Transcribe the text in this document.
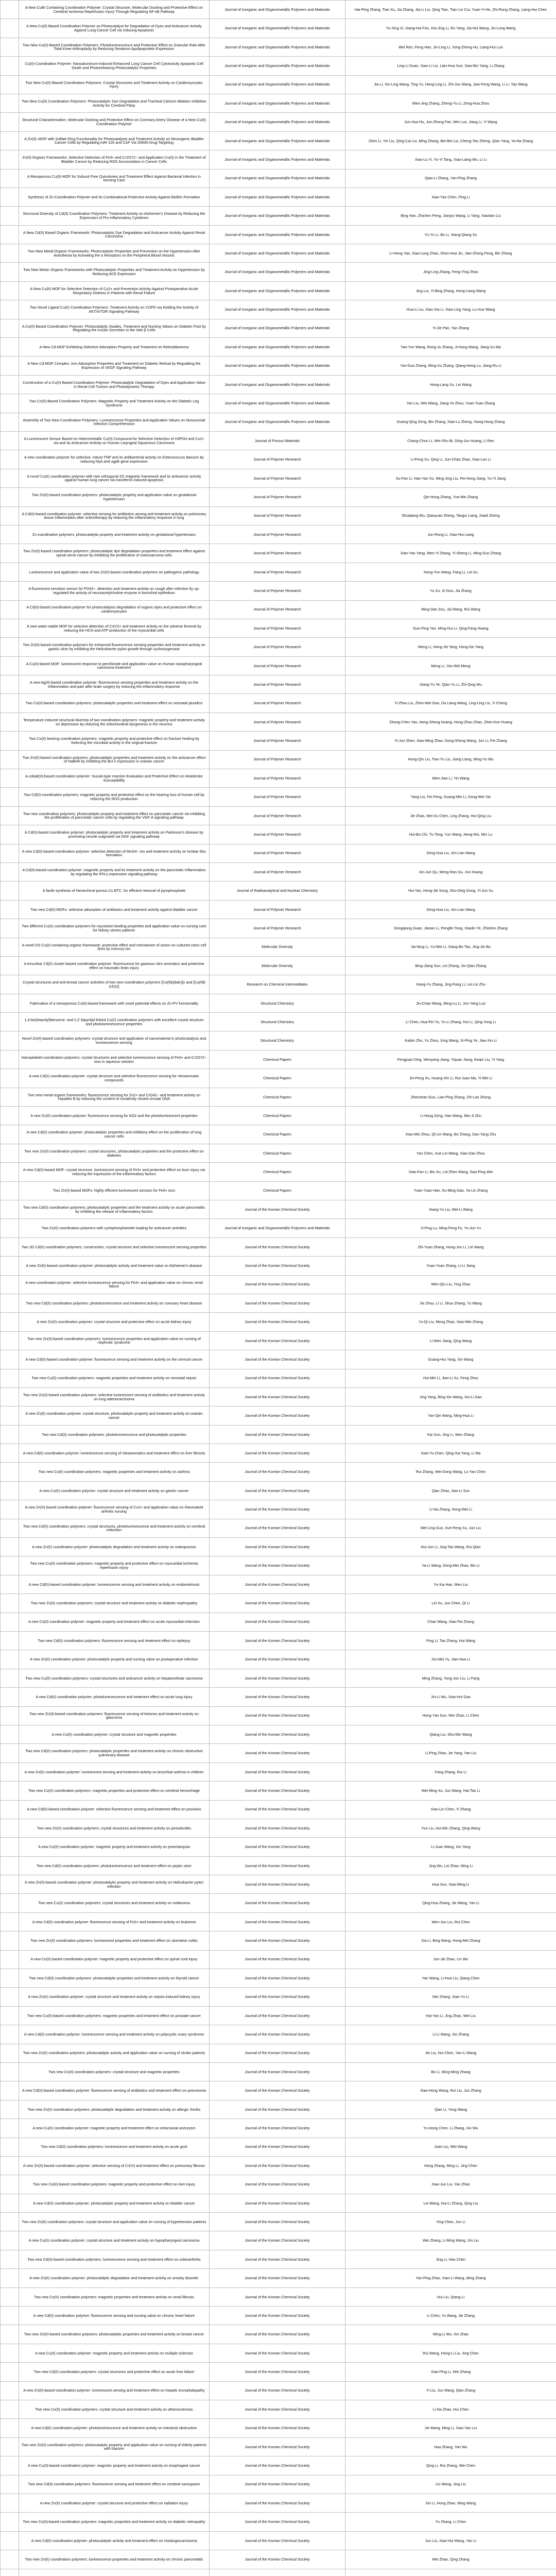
	A New CuBr Containing Coordination Polymer: Crystal Structure, Molecular Docking and Protective Effect on Cerebral Ischemia Reperfusion Injury Through Regulating NF-κB Pathway	Journal of Inorganic and Organometallic Polymers and Materials	Hai-Ping Zhang, Tian Xu, Jia Zhang, Jia-Li Liu, Qing Tian, Tian-Lin Cui, Yuan-Yi He, Zhi-Rong Zhang, Liang-Hui Chen
	A New Cu(II) Based Coordination Polymer as Photocatalyst for Degradation of Dyes and Anticancer Activity Against Lung Cancer Cell via Inducing Apoptosis	Journal of Inorganic and Organometallic Polymers and Materials	Yu-Xing Xi, Xiang-Hui Fan, Hui-Jing Li, Ru Yang, Jia-Hui Wang, Jin-Long Wang
	Two New Cu(II)-Based Coordination Polymers: Photoluminescence and Protective Effect on Granular Rats After Total Knee Arthroplasty by Reducing Seratonin Apolipoprotein Expression	Journal of Inorganic and Organometallic Polymers and Materials	Wei Ren, Feng Han, Jin-Ling Li, Yong-Zheng Hu, Liang-Hui Luo
	Cu(II)-Coordination Polymer: Nanoaluminum-Induced Enhanced Lung Cancer Cell Cytotoxicity Apoptotic Cell Death and Photoreleasing Photocatalytic Properties	Journal of Inorganic and Organometallic Polymers and Materials	Ling-Li Guan, Xiao-Li Liu, Lian-Hua Xue, Xiao-Bin Yang, Li Zhang
	Two New Cu(II)-Based Coordination Polymers: Crystal Structures and Treatment Activity on Cardiomyocytes Injury	Journal of Inorganic and Organometallic Polymers and Materials	Jia Li, Xin-Ling Wang, Ting Yu, Hong-Ling Li, Zhi-Jun Wang, Jian-Feng Wang, Li Li, Tao Wang
	Two New Cu(II) Coordination Polymers: Photocatalytic Dye Degradation and Tracheal Calcium Ablation Inhibition Activity for Cerebral Palsy	Journal of Inorganic and Organometallic Polymers and Materials	Wen-Jing Zhang, Zheng-Yu Li, Zeng-Hua Zhou
	Structural Characterisation, Molecular Docking and Protective Effect on Coronary Artery Disease of a New Cu(II) Coordination Polymer	Journal of Inorganic and Organometallic Polymers and Materials	Jun-Hua Hu, Jun-Zhong Fan, Wei Luo, Jiang Li, Yi Wang
	A Zn(II)–MOF with Sulfate Ring Functionality for Photocatalysis and Treatment Activity on Neurogenic Bladder Cancer Cells by Regulating miR-126 and CAF Via SNMS-Drug Targeting	Journal of Inorganic and Organometallic Polymers and Materials	Zhen Li, Yin Liu, Qing-Cai Liu, Ming Zhang, Bei-Bei Liu, Cheng-Tao Zheng, Qian Yang, Ya-Na Zhang
	Zn(II)-Organic Frameworks: Selective Detection of Fe3+ and Cr2O72− and Application Cu(II) in the Treatment of Bladder Cancer by Reducing ROS Accumulation in Cancer Cells	Journal of Inorganic and Organometallic Polymers and Materials	Xiao-Lu Yi, Yu-Yi Tang, Xiao-Liang Wu, Li Li
	A Mesoporous Cu(II)-MOF for Subunit Free Quinolones and Treatment Effect Against Bacterial Infection in Nursing Care	Journal of Inorganic and Organometallic Polymers and Materials	Qiao-Li Zhang, Yan-Ping Zhang
	Synthesis of Zn-Coordination Polymer and Its Combinational Protective Activity Against Biofilm Formation	Journal of Inorganic and Organometallic Polymers and Materials	Xiao-Yan Chen, Ping Li
	Structural Diversity of Cd(II) Coordination Polymers: Treatment Activity on Alzheimer's Disease by Reducing the Expression of Pro-inflammatory Cytokines	Journal of Inorganic and Organometallic Polymers and Materials	Bing Han, Zhichen Peng, Jianjun Wang, Li Yang, Xiaotian Liu
	A New Cd(II) Based Organic Framework: Photocatalytic Dye Degradation and Anticancer Activity Against Renal Carcinoma	Journal of Inorganic and Organometallic Polymers and Materials	Yu-Yu Li, Bo Li, Xiang-Qiang Xu
	Two New Metal-Organic Frameworks: Photocatalytic Properties and Prevention on the Hypertension After Anesthesia by Activating the α Receptors on the Peripheral Blood Vessels	Journal of Inorganic and Organometallic Polymers and Materials	Li-Hong Yao, Xiao-Long Zhao, Shun-Hua Jin, Jian-Zhong Peng, Bin Zhang
	Two New Metal–Organic Frameworks with Photocatalytic Properties and Treatment Activity on Hypertension by Reducing ACE Expression	Journal of Inorganic and Organometallic Polymers and Materials	Jing-Ling Zhang, Feng-Ying Zhao
	A New Cu(II) MOF for Selective Detection of Cu2+ and Prevention Activity Against Postoperative Acute Respiratory Distress in Patients with Renal Failure	Journal of Inorganic and Organometallic Polymers and Materials	Jing Liu, Yi-Bing Zhang, Hong-Liang Wang
	Two Novel Ligand Cu(II) Coordination Polymers: Treatment Activity on COPD via Holding the Activity of AKT/mTOR Signaling Pathway	Journal of Inorganic and Organometallic Polymers and Materials	Hua-Li Liu, Xiao-Xia Li, Xiao-Ling Yang, Lu-Xue Wang
	A Co(II) Based Coordination Polymer: Photocatalytic Studies, Treatment and Nursing Values on Diabetic Foot by Regulating the Insulin Secretion in the Islet β Cells	Journal of Inorganic and Organometallic Polymers and Materials	Yi-Jie Pan, Yan Zhang
	A New Cd-MOF Exhibiting Selective Adsorption Property and Treatment on Retinoblastoma	Journal of Inorganic and Organometallic Polymers and Materials	Yan-Yun Wang, Rong-Ju Zhang, Ji-Hong Wang, Jiang-Xu Ma
	A New Cd-MOF Complex: Iron Adsorption Properties and Treatment on Diabetic Retinal by Regulating the Expression of VEGF Signaling Pathway	Journal of Inorganic and Organometallic Polymers and Materials	Yan-Guo Zhang, Ming-Xu Zhang, Qiang-Hong Lu, Jiang-Ru Li
	Construction of a Cu(II) Based Coordination Polymer: Photocatalytic Degradation of Dyes and Application Value in Renal Cell Tumors and Photodynamic Therapy	Journal of Inorganic and Organometallic Polymers and Materials	Hong-Lang Xu, Lei Wang
	Two Co(II)-Based Coordination Polymers: Magnetic Property and Treatment Activity on the Diabetic Leg Syndrome	Journal of Inorganic and Organometallic Polymers and Materials	Yan Liu, Wei Wang, Jiang-Ye Zhou, Yuan-Yuan Zhang
	Assembly of Two New Coordination Polymers: Luminescence Properties and Application Values on Nosocomial Infection Comprehension	Journal of Inorganic and Organometallic Polymers and Materials	Guang-Qing Zeng, Bin Zhang, Xiao-Lu Zheng, Xiang-Hong Zhang
	A Luminescent Sensor Based on Heterometallic Cu(II) Compound for Selective Detection of H3PO4 and Cu2+ via and Its Anticancer Activity on Human Laryngeal Squamous Carcinoma	Journal of Porous Materials	Chang-Chun Li, Wei-Shu Bi, Ding-Jun Huang, Li Ren
	A new coordination polymer for selective, robust TNP and its antibacterial activity on Enterococcus faecium by reducing hlyA and ugpB gene expression	Journal of Polymer Research	Li-Feng Xu, Qing Li, Jun-Chao Zhao, Xiao-Lan Li
	A novel Cu(II) coordination polymer with rare orthogonal 2D magnetic framework and its anticancer activity against human lung cancer via transferrin induced apoptosis	Journal of Polymer Research	Su-Fan Li, Hao-Yan Xu, Ming-Jing Liu, Pei-Hong Jiang, Yu-Yi Jiang
	Two Zn(II)-based coordination polymers: photocatalytic property and application value on gestational hypertension	Journal of Polymer Research	Qin-Hong Zhang, Yue-Min Zhang
	A Cd(II)-based coordination polymer: selective sensing for antibiotics among anti-treatment activity on pulmonary tissue inflammation after sclerotherapy by reducing the inflammatory response in lung	Journal of Polymer Research	Shuiqiang Wu, Qiaoyuan Zheng, Tangui Liang, Xiaoli Zheng
	Zn-coordination polymers: photocatalytic property and treatment activity on gestational hypertension	Journal of Polymer Research	Jun-Rong Li, Xiao-Hui Liang
	Two Zn(II)-based coordination polymers: photocatalytic dye degradation properties and treatment effect against spinal nerve cancer by inhibiting the proliferative of osteosarcoma cells	Journal of Polymer Research	Xian-Yan Yang, Wen-Yi Zhang, Yi-Sheng Li, Ming-Guo Zhang
	Luminescence and application value of two Zn(II)-based coordination polymers on pathogenic pathology	Journal of Polymer Research	Hong-Yun Wang, Fang Li, Lei Xu
	A fluorescent sensitive sensor for PO43−, detection and treatment activity on cough after infection by up-regulated the activity of neuroacetylcholine enzyme in bronchial epithelium	Journal of Polymer Research	Yu Xu, Xi Guo, Jia Zhang
	A Cd(II)-based coordination polymer for photocatalysis degradation of organic dyes and protective effect on cardiomyocytes	Journal of Polymer Research	Ming-Dan Zou, Jia Wang, Rui Wang
	A new water-stable MOF for selective detection of Cr(VI)+ and treatment activity on the adverse femoral by reducing the HCN and ATP production of the myocardial cells	Journal of Polymer Research	Guo-Ping Yan, Ming-Gui Li, Qing-Fang Huang
	Two Zn(II)-based coordination polymers for enhanced fluorescence sensing properties and treatment activity on gastric ulcer by inhibiting the Helicobacter pylori growth through cyclooxygenase	Journal of Polymer Research	Meng Li, Hong-Jie Tang, Hong-Ge Yang
	A Cu(II)-based MOF: luminescent response to perchlorate and application value on Human nasopharyngeal carcinoma treatment	Journal of Polymer Research	Meng Li, Yan-Wei Meng
	A new Ag(II)-based coordination polymer: fluorescence sensing properties and treatment activity on the inflammation and pain after brain surgery by reducing the inflammatory response	Journal of Polymer Research	Xiang-Yu Ye, Qian-Yu Li, Zhi-Qing Wu
	Two Co(II)-based coordination polymers: photocatalytic properties and treatment effect on neonatal jaundice	Journal of Polymer Research	Yi-Zhou Liu, Zhen-Wei Gao, Da Liang Wang, Ling-Ling Liu, Yi Cheng
	Temperature induced structural diversity of two coordination polymers: magnetic property and treatment activity on depression by reducing the mitochondrial dysgenesis in the neurons	Journal of Polymer Research	Zhong-Chen Yao, Hong-Sheng Huang, Hong-Zhou Zhao, Zhen-Kun Huang
	Two Cu(II) bearing coordination polymers: magnetic property and protective effect on fracture healing by Selecting the microbial activity in the original fracture	Journal of Polymer Research	Yi-Jun Shen, Xiao-Ming Zhao, Dong-Sheng Wang, Jun Li, Pei Zhang
	Two Zn(II)-based coordination polymers: photocatalytic properties and treatment activity on the anticancer effect of NaBH4 by inhibiting the Bcl-2 expression in ovarian cancer	Journal of Polymer Research	Hong-Qin Liu, Tian-Yu Liu, Jiang Liang, Ming-Yu Wu
	A cobalt(II)-based coordination polymer: Suzuki-type reaction Evaluation and Protective Effect on Heatstroke Susceptibility	Journal of Polymer Research	Wen-Jiao Li, Yin Wang
	Two Cd(II)-coordination polymers: magnetic property and protective effect on the hearing loss of human cell by reducing the ROS production	Journal of Polymer Research	Yang Liu, Fei Feng, Guang-Min Li, Dong-Wei Xie
	Two new coordination polymers: photocatalytic property and treatment effect on pancreatic cancer via inhibiting the proliferation of pancreatic cancer cells by regulating the VGF-A signaling pathway	Journal of Polymer Research	Jie Zhao, Mei-Xu Chen, Ling Zhang, Hui-Qing Liu
	A Cd(II)-based coordination polymer: photocatalytic property and treatment activity on Parkinson's disease by promoting neurite outgrowth via NGF signaling pathway	Journal of Polymer Research	Hui-Bo Chi, Tu-Tong, Yun Wang, Heng-Wu, Min Lu
	A new Cd(II)-based coordination polymer: selective detection of MnO4− ion and treatment activity on lumbar disc herniation	Journal of Polymer Research	Zeng-Hua Liu, Xin-Lian Wang
	A Cd(II)-based coordination polymer: magnetic property and its treatment activity on the pancreatic inflammation by regulating the IFN-γ expression signaling pathway	Journal of Polymer Research	Xin-Jun Qu, Meng-Ran Gu, Jun Huang
	A facile synthesis of hierarchical porous Cu BTC, for efficient removal of pyrophosphate	Journal of Radioanalytical and Nuclear Chemistry	Hui Yan, Hong-Jie Song, Shu-Ding Gong, Yi-Jun Xu
	Two new Cd(II)-MOFs: selective adsorption of antibiotics and treatment activity against bladder cancer	Journal of Polymer Research	Zeng-Hua Liu, Xin-Lian Wang
	Two different Cu(II) coordination polymers for mycotoxin binding properties and application value on nursing care for kidney stones patients	Journal of Polymer Research	Dongqiong Guan, Jianan Li, Pengfei Tong, Xiaolin Ye, Zhishen Zhang
	A novel DS Cu(II)-containing organic framework: protective effect and mechanism of action on cultured colon cell lines by mercury ion	Molecular Diversity	Jia-Ning Li, Yu-Wei Li, Xiang-Bo Tan, Jing-Jie Bu
	A trinuclear Cd(II) cluster-based coordination polymer: fluorescence for gaseous nitro aromatics and protective effect on traumatic brain injury	Molecular Diversity	Bing-Jiang Sun, Lei Zhang, Jin-Qiao Zhang
	Crystal structures and anti-breast cancer activities of two new coordination polymers [Co(fdi)(bdc)]n and [Cu(fdi)(cfs)2]	Research on Chemical Intermediates	Xiang-Yu Zhang, Jing-Fang Li, Lei-Lin Zhu
	Fabrication of a mesoporous Co(II)-based framework with novel potential effects on Zn-PV functionality	Structural Chemistry	Jin-Chao Wang, Ming-Lu Li, Jun-Yang Luo
	1,3-bis(triazolyl)benzene- and 2,2'-bipyridyl-linked Cu(II) coordination polymers with excellent crystal structure and photoluminescence properties	Structural Chemistry	Li Chen, Hua-Fei Yu, Yu-Li Zhang, Hui Li, Qing-Yong Li
	Novel Zn(II)-based coordination polymers: crystal structure and application of nanomaterial in photocatalysis and luminescence sensing	Structural Chemistry	Kaibin Zhu, Yu Zhou, Xing Wang, Xi-Ping Ye, Jian-Xin Li
	Nanoplatelet coordination polymers: crystal structures and selective luminescence sensing of Fe3+ and Cr2O72− ions in aqueous solution	Chemical Papers	Fengjuan Ding, Wenyang Jiang, Yiquan Jiang, Keqin Liu, Yi Yang
	A new Cd(II) coordination polymer: crystal structure and selective fluorescence sensing for nitroaromatic compounds	Chemical Papers	Jin-Peng Xu, Huang-Xin Li, Rui-Juan Ma, Yi-Mei Li
	Two new metal-organic frameworks: fluorescence sensing for Zn2+ and CrO42− and treatment activity on hepatitis B by reducing the content of covalently closed circular DNA	Chemical Papers	Zhenshan Guo, Lian-Ping Zhang, Zhi-Lan Zhong
	A new Zn(II) coordination polymer: fluorescence sensing for NO2 and the photoluminescent properties	Chemical Papers	Li-Hong Zeng, Hao Wang, Min-Ji Zhu
	A new Cd(II) coordination polymer: photocatalytic properties and inhibitory effect on the proliferation of lung cancer cells	Chemical Papers	Xiao-Mei Zhou, Qi-Lin Wang, Bo Zhang, Dan-Yang Zhu
	Two new Zn(II) coordination polymers: crystal structures, photocatalytic properties and the protective effect on diabetes	Chemical Papers	Yan Chen, Xue-Lei Wang, Xiao-Dan Zhou
	A new Cd(II)-based MOF: crystal structure, luminescent sensing of Fe3+ and protective effect on burn injury via reducing the expression of the inflammatory factors	Chemical Papers	Xiao-Fan Li, Bin Xu, Lei-Zhen Wang, Gao-Ping Wei
	Two Zn(II)-based MOFs: highly efficient luminescent sensors for Fe3+ ions	Chemical Papers	Yuan-Yuan Han, Xu-Ming Gao, Ya-Lin Zhang
	Two new Cd(II) coordination polymers: photocatalytic properties and the treatment activity on acute pancreatitis by inhibiting the release of inflammatory factors	Journal of the Korean Chemical Society	Xiang-Yu Liu, Mei-Li Wang
	Two Zn(II) coordination polymers with cyclophosphamide loading for anticancer activities	Journal of Inorganic and Organometallic Polymers and Materials	Ji-Ping Lu, Ming-Feng Fu, Yu-Jun Yu
	Two 3D Cd(II) coordination polymers: construction, crystal structure and selective luminescent sensing properties	Journal of the Korean Chemical Society	Zhi-Yuan Zhang, Hong-Jun Li, Lei Wang
	A new Zn(II)-based coordination polymer: photocatalytic activity and treatment value on Alzheimer's disease	Journal of the Korean Chemical Society	Yuan-Yuan Zhang, Li-Li Jiang
	A new coordination polymer: selective luminescence sensing for Fe3+ and application value on chronic renal failure	Journal of the Korean Chemical Society	Wen-Qiu Liu, Ying Zhao
	Two new Cd(II) coordination polymers: photoluminescence and treatment activity on coronary heart disease	Journal of the Korean Chemical Society	Jie Zhou, Li Li, Shuo Zhang, Yu Wang
	A new Zn(II) coordination polymer: crystal structure and protective effect on acute kidney injury	Journal of the Korean Chemical Society	Yu-Qi Liu, Meng Zhao, Xiao-Wei Zhang
	Two new Zn(II)-based coordination polymers: luminescence properties and application value on nursing of nephrotic syndrome	Journal of the Korean Chemical Society	Li-Wen Jiang, Qing Wang
	A new Cd(II)-based coordination polymer: fluorescence sensing and treatment activity on the cervical cancer	Journal of the Korean Chemical Society	Guang-Hui Yang, Xin Wang
	Two new Cu(II) coordination polymers: magnetic properties and treatment activity on neonatal sepsis	Journal of the Korean Chemical Society	Hui-Min Li, Jian-Li Xu, Feng Zhou
	Two new Zn(II)-based coordination polymers: selective luminescent sensing of antibiotics and treatment activity on lung adenocarcinoma	Journal of the Korean Chemical Society	Jing Yang, Bing-Xin Wang, Xiu-Li Gao
	A new Zn(II) coordination polymer: crystal structure, photocatalytic property and treatment activity on ovarian cancer	Journal of the Korean Chemical Society	Yan-Qin Wang, Ming-Hua Li
	Two new Cd(II) coordination polymers: photoluminescence and photocatalytic properties	Journal of the Korean Chemical Society	Kai Sun, Jing Li, Wen Zhang
	A new Cd(II) coordination polymer: luminescence sensing of nitroaromatics and treatment effect on liver fibrosis	Journal of the Korean Chemical Society	Xiao-Yu Chen, Qing-Xia Yang, Li Ma
	Two new Co(II) coordination polymers: magnetic properties and treatment activity on asthma	Journal of the Korean Chemical Society	Rui Zhang, Wei-Dong Wang, Lu-Yan Chen
	A new Cu(II) coordination polymer: crystal structure and treatment activity on gastric cancer	Journal of the Korean Chemical Society	Qian Zhao, Jian-Li Sun
	A new Zn(II)-based coordination polymer: fluorescence sensing of Cu2+ and application value on rheumatoid arthritis nursing	Journal of the Korean Chemical Society	Li-Na Zhang, Hong-Wei Li
	Two new Cd(II) coordination polymers: crystal structures, photoluminescence and treatment activity on cerebral infarction	Journal of the Korean Chemical Society	Mei-Ling Guo, Xue-Feng Xu, Jun Liu
	A new Zn(II) coordination polymer: photocatalytic degradation and treatment activity on osteoporosis	Journal of the Korean Chemical Society	Hui-Jun Li, Jing-Tao Wang, Rui Qian
	Two new Cu(II) coordination polymers: magnetic property and protective effect on myocardial ischemia reperfusion injury	Journal of the Korean Chemical Society	Ya-Li Wang, Dong-Mei Zhao, Bin Li
	A new Cd(II)-based coordination polymer: luminescence sensing and treatment activity on endometriosis	Journal of the Korean Chemical Society	Yu-Xia Han, Wen Liu
	Two new Zn(II) coordination polymers: crystal structure and treatment activity on diabetic nephropathy	Journal of the Korean Chemical Society	Lei Xu, Jun Chen, Qi Li
	A new Co(II) coordination polymer: magnetic property and treatment effect on acute myocardial infarction	Journal of the Korean Chemical Society	Chao Wang, Xiao-Fei Zhang
	Two new Cd(II) coordination polymers: fluorescence sensing and treatment effect on epilepsy	Journal of the Korean Chemical Society	Ping Li, Tao Zhang, Hui Wang
	A new Zn(II) coordination polymer: photocatalytic property and nursing value on postoperative infection	Journal of the Korean Chemical Society	Xiu-Mei Yu, Jian-Hua Li
	Two new Cu(II) coordination polymers: crystal structures and anticancer activity on hepatocellular carcinoma	Journal of the Korean Chemical Society	Ming Zhang, Yong-Jun Liu, Li Fang
	A new Cd(II) coordination polymer: photoluminescence and treatment effect on acute lung injury	Journal of the Korean Chemical Society	Jin-Li Wu, Xiao-Hui Gao
	Two new Zn(II)-based coordination polymers: fluorescence sensing of ketones and treatment activity on glaucoma	Journal of the Korean Chemical Society	Hong-Yan Sun, Wei Zhao, Li Chen
	A new Co(II) coordination polymer: crystal structure and magnetic properties	Journal of the Korean Chemical Society	Qiang Liu, Shu-Min Wang
	Two new Cd(II) coordination polymers: photocatalytic properties and treatment activity on chronic obstructive pulmonary disease	Journal of the Korean Chemical Society	Li-Ping Zhao, Jie Yang, Yan Liu
	A new Zn(II) coordination polymer: luminescent sensing and treatment activity on bronchial asthma in children	Journal of the Korean Chemical Society	Fang Zhang, Rui Li
	Two new Cu(II) coordination polymers: magnetic properties and protective effect on cerebral hemorrhage	Journal of the Korean Chemical Society	Wei-Ming Xu, Jun Wang, Hai-Tao Li
	A new Cd(II)-based coordination polymer: selective fluorescence sensing and treatment effect on psoriasis	Journal of the Korean Chemical Society	Xiao-Lin Chen, Yi Zhang
	Two new Zn(II) coordination polymers: crystal structures and treatment activity on periodontitis	Journal of the Korean Chemical Society	Yun Liu, Hui-Min Zhang, Qing Wang
	A new Co(II) coordination polymer: magnetic property and treatment activity on preeclampsia	Journal of the Korean Chemical Society	Li-Juan Wang, Xin Yang
	Two new Cd(II) coordination polymers: photoluminescence and treatment effect on peptic ulcer	Journal of the Korean Chemical Society	Jing Wu, Lei Zhao, Ming Li
	A new Zn(II)-based coordination polymer: photocatalytic property and treatment activity on Helicobacter pylori infection	Journal of the Korean Chemical Society	Hua Sun, Xiao-Ming Li
	Two new Cu(II) coordination polymers: crystal structures and treatment activity on melanoma	Journal of the Korean Chemical Society	Qing-Hua Zhang, Jie Wang, Yan Li
	A new Cd(II) coordination polymer: fluorescence sensing of Fe3+ and treatment activity on leukemia	Journal of the Korean Chemical Society	Wen-Jun Liu, Rui Chen
	Two new Zn(II) coordination polymers: luminescent properties and treatment effect on ulcerative colitis	Journal of the Korean Chemical Society	Xia Li, Bing Wang, Hong-Mei Zhang
	A new Co(II)-based coordination polymer: magnetic property and protective effect on spinal cord injury	Journal of the Korean Chemical Society	Jun-Jie Zhao, Lin Wu
	Two new Cd(II) coordination polymers: photocatalytic properties and treatment activity on thyroid cancer	Journal of the Korean Chemical Society	Yan Wang, Li-Hua Liu, Qiang Chen
	A new Zn(II) coordination polymer: crystal structure and treatment activity on sepsis-induced kidney injury	Journal of the Korean Chemical Society	Mei Zhang, Xiao-Yu Li
	Two new Cu(II)-based coordination polymers: magnetic properties and treatment effect on prostate cancer	Journal of the Korean Chemical Society	Hai-Yan Li, Jing Zhao, Wei Liu
	A new Cd(II) coordination polymer: luminescence sensing and treatment activity on polycystic ovary syndrome	Journal of the Korean Chemical Society	Li-Li Wang, Xin Zhang
	Two new Zn(II) coordination polymers: photocatalytic activity and application value on nursing of stroke patients	Journal of the Korean Chemical Society	Jie Liu, Hui Chen, Yan-Li Wang
	Two new Co(II) coordination polymers: crystal structure and magnetic properties	Journal of the Korean Chemical Society	Bo Li, Ming-Ming Zhang
	A new Cd(II)-based coordination polymer: fluorescence sensing of antibiotics and treatment effect on pneumonia	Journal of the Korean Chemical Society	Xiao-Hong Wang, Rui Liu, Jun Zhang
	Two new Zn(II) coordination polymers: photocatalytic degradation and treatment activity on allergic rhinitis	Journal of the Korean Chemical Society	Qian Li, Yong Wang
	A new Cu(II) coordination polymer: magnetic property and treatment effect on intracranial aneurysm	Journal of the Korean Chemical Society	Yu-Hong Chen, Li Zhang, Xin Wu
	Two new Cd(II) coordination polymers: luminescence and treatment activity on acute gout	Journal of the Korean Chemical Society	Juan Liu, Wei Wang
	A new Zn(II)-based coordination polymer: selective sensing of Cr(VI) and treatment effect on pulmonary fibrosis	Journal of the Korean Chemical Society	Hong Zhang, Ming Li, Jing Chen
	Two new Co(II)-based coordination polymers: magnetic property and protective effect on liver injury	Journal of the Korean Chemical Society	Xiao-Jun Liu, Yan Zhao
	A new Cd(II) coordination polymer: photocatalytic property and treatment activity on bladder cancer	Journal of the Korean Chemical Society	Lei Wang, Hui-Li Zhang, Qing Liu
	Two new Zn(II) coordination polymers: crystal structure and application value on nursing of hypertension patients	Journal of the Korean Chemical Society	Ying Chen, Jun Li
	A new Cu(II) coordination polymer: crystal structure and treatment activity on hypopharyngeal carcinoma	Journal of the Korean Chemical Society	Wei Zhang, Li-Ming Wang, Xin Liu
	Two new Cd(II)-based coordination polymers: luminescence sensing and treatment effect on osteoarthritis	Journal of the Korean Chemical Society	Jing Li, Hao Chen
	A new Zn(II) coordination polymer: photocatalytic degradation and treatment activity on anxiety disorder	Journal of the Korean Chemical Society	Yan-Ping Zhao, Xiao-Li Wang, Ming Zhang
	Two new Co(II) coordination polymers: magnetic properties and treatment activity on renal fibrosis	Journal of the Korean Chemical Society	Hui Liu, Qiang Li
	A new Cd(II) coordination polymer: fluorescence sensing and nursing value on chronic heart failure	Journal of the Korean Chemical Society	Li Chen, Yu Wang, Jie Zhang
	Two new Zn(II)-based coordination polymers: photocatalytic properties and treatment activity on breast cancer	Journal of the Korean Chemical Society	Ming-Li Wu, Xin Zhao
	A new Cu(II) coordination polymer: magnetic property and treatment activity on multiple sclerosis	Journal of the Korean Chemical Society	Rui Wang, Hong-Li Liu, Jing Chen
	Two new Cd(II) coordination polymers: crystal structures and protective effect on acute liver failure	Journal of the Korean Chemical Society	Xiao-Ping Li, Wei Zhang
	A new Zn(II)-based coordination polymer: luminescent sensing and treatment effect on hepatic encephalopathy	Journal of the Korean Chemical Society	Yi Liu, Jun Wang, Qian Zhang
	Two new Co(II) coordination polymers: crystal structure and treatment activity on atherosclerosis	Journal of the Korean Chemical Society	Li-Na Zhao, Hui Chen
	A new Cd(II) coordination polymer: photoluminescence and treatment activity on intestinal obstruction	Journal of the Korean Chemical Society	Jie Wang, Ming Li, Xiao-Yan Liu
	Two new Zn(II) coordination polymers: photocatalytic property and application value on nursing of elderly patients with fracture	Journal of the Korean Chemical Society	Hua Zhang, Yan Wu
	A new Cu(II)-based coordination polymer: magnetic property and treatment activity on esophageal cancer	Journal of the Korean Chemical Society	Qing Li, Rui Zhang, Wei Chen
	Two new Cd(II) coordination polymers: fluorescence sensing and treatment effect on cerebral vasospasm	Journal of the Korean Chemical Society	Lin Wang, Jing Liu
	A new Zn(II) coordination polymer: crystal structure and protective effect on radiation injury	Journal of the Korean Chemical Society	Xin Li, Hong Zhao, Ming Wang
	Two new Co(II)-based coordination polymers: magnetic properties and treatment activity on diabetic retinopathy	Journal of the Korean Chemical Society	Yu Zhang, Li Chen
	A new Cd(II) coordination polymer: photocatalytic activity and treatment effect on cholangiocarcinoma	Journal of the Korean Chemical Society	Jun Liu, Xiao-Hui Wang, Yan Li
	Two new Zn(II) coordination polymers: luminescence properties and treatment activity on chronic pancreatitis	Journal of the Korean Chemical Society	Wei Zhao, Qing Zhang
